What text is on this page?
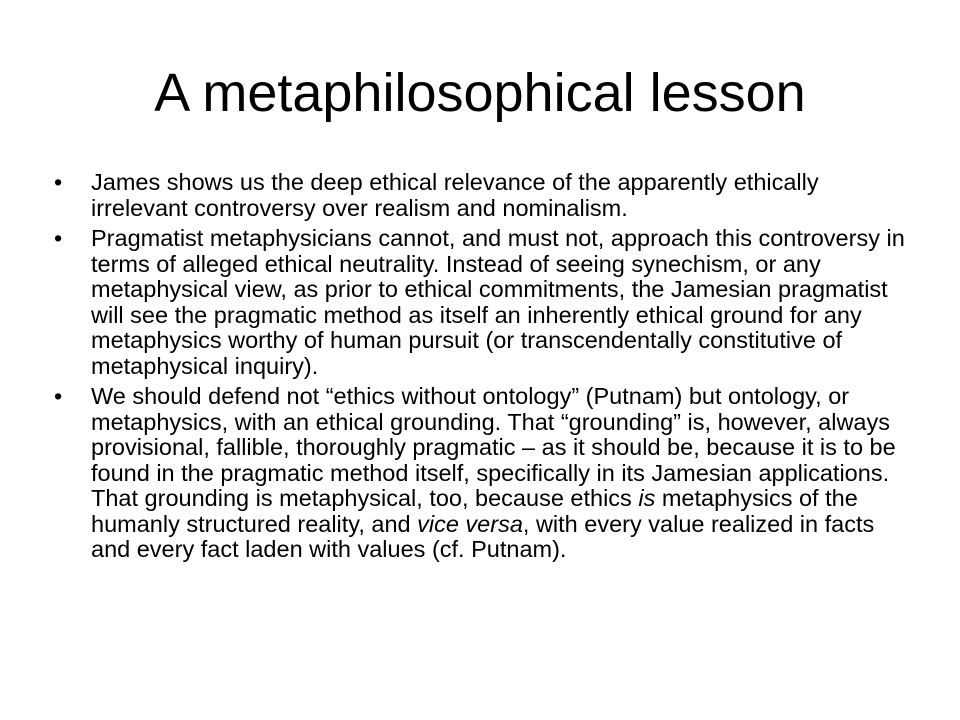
A metaphilosophical lesson
• James shows us the deep ethical relevance of the apparently ethically irrelevant controversy over realism and nominalism.
• Pragmatist metaphysicians cannot, and must not, approach this controversy in terms of alleged ethical neutrality. Instead of seeing synechism, or any metaphysical view, as prior to ethical commitments, the Jamesian pragmatist will see the pragmatic method as itself an inherently ethical ground for any metaphysics worthy of human pursuit (or transcendentally constitutive of metaphysical inquiry).
• We should defend not “ethics without ontology” (Putnam) but ontology, or metaphysics, with an ethical grounding. That “grounding” is, however, always provisional, fallible, thoroughly pragmatic – as it should be, because it is to be found in the pragmatic method itself, specifically in its Jamesian applications. That grounding is metaphysical, too, because ethics is metaphysics of the humanly structured reality, and vice versa, with every value realized in facts and every fact laden with values (cf. Putnam).
